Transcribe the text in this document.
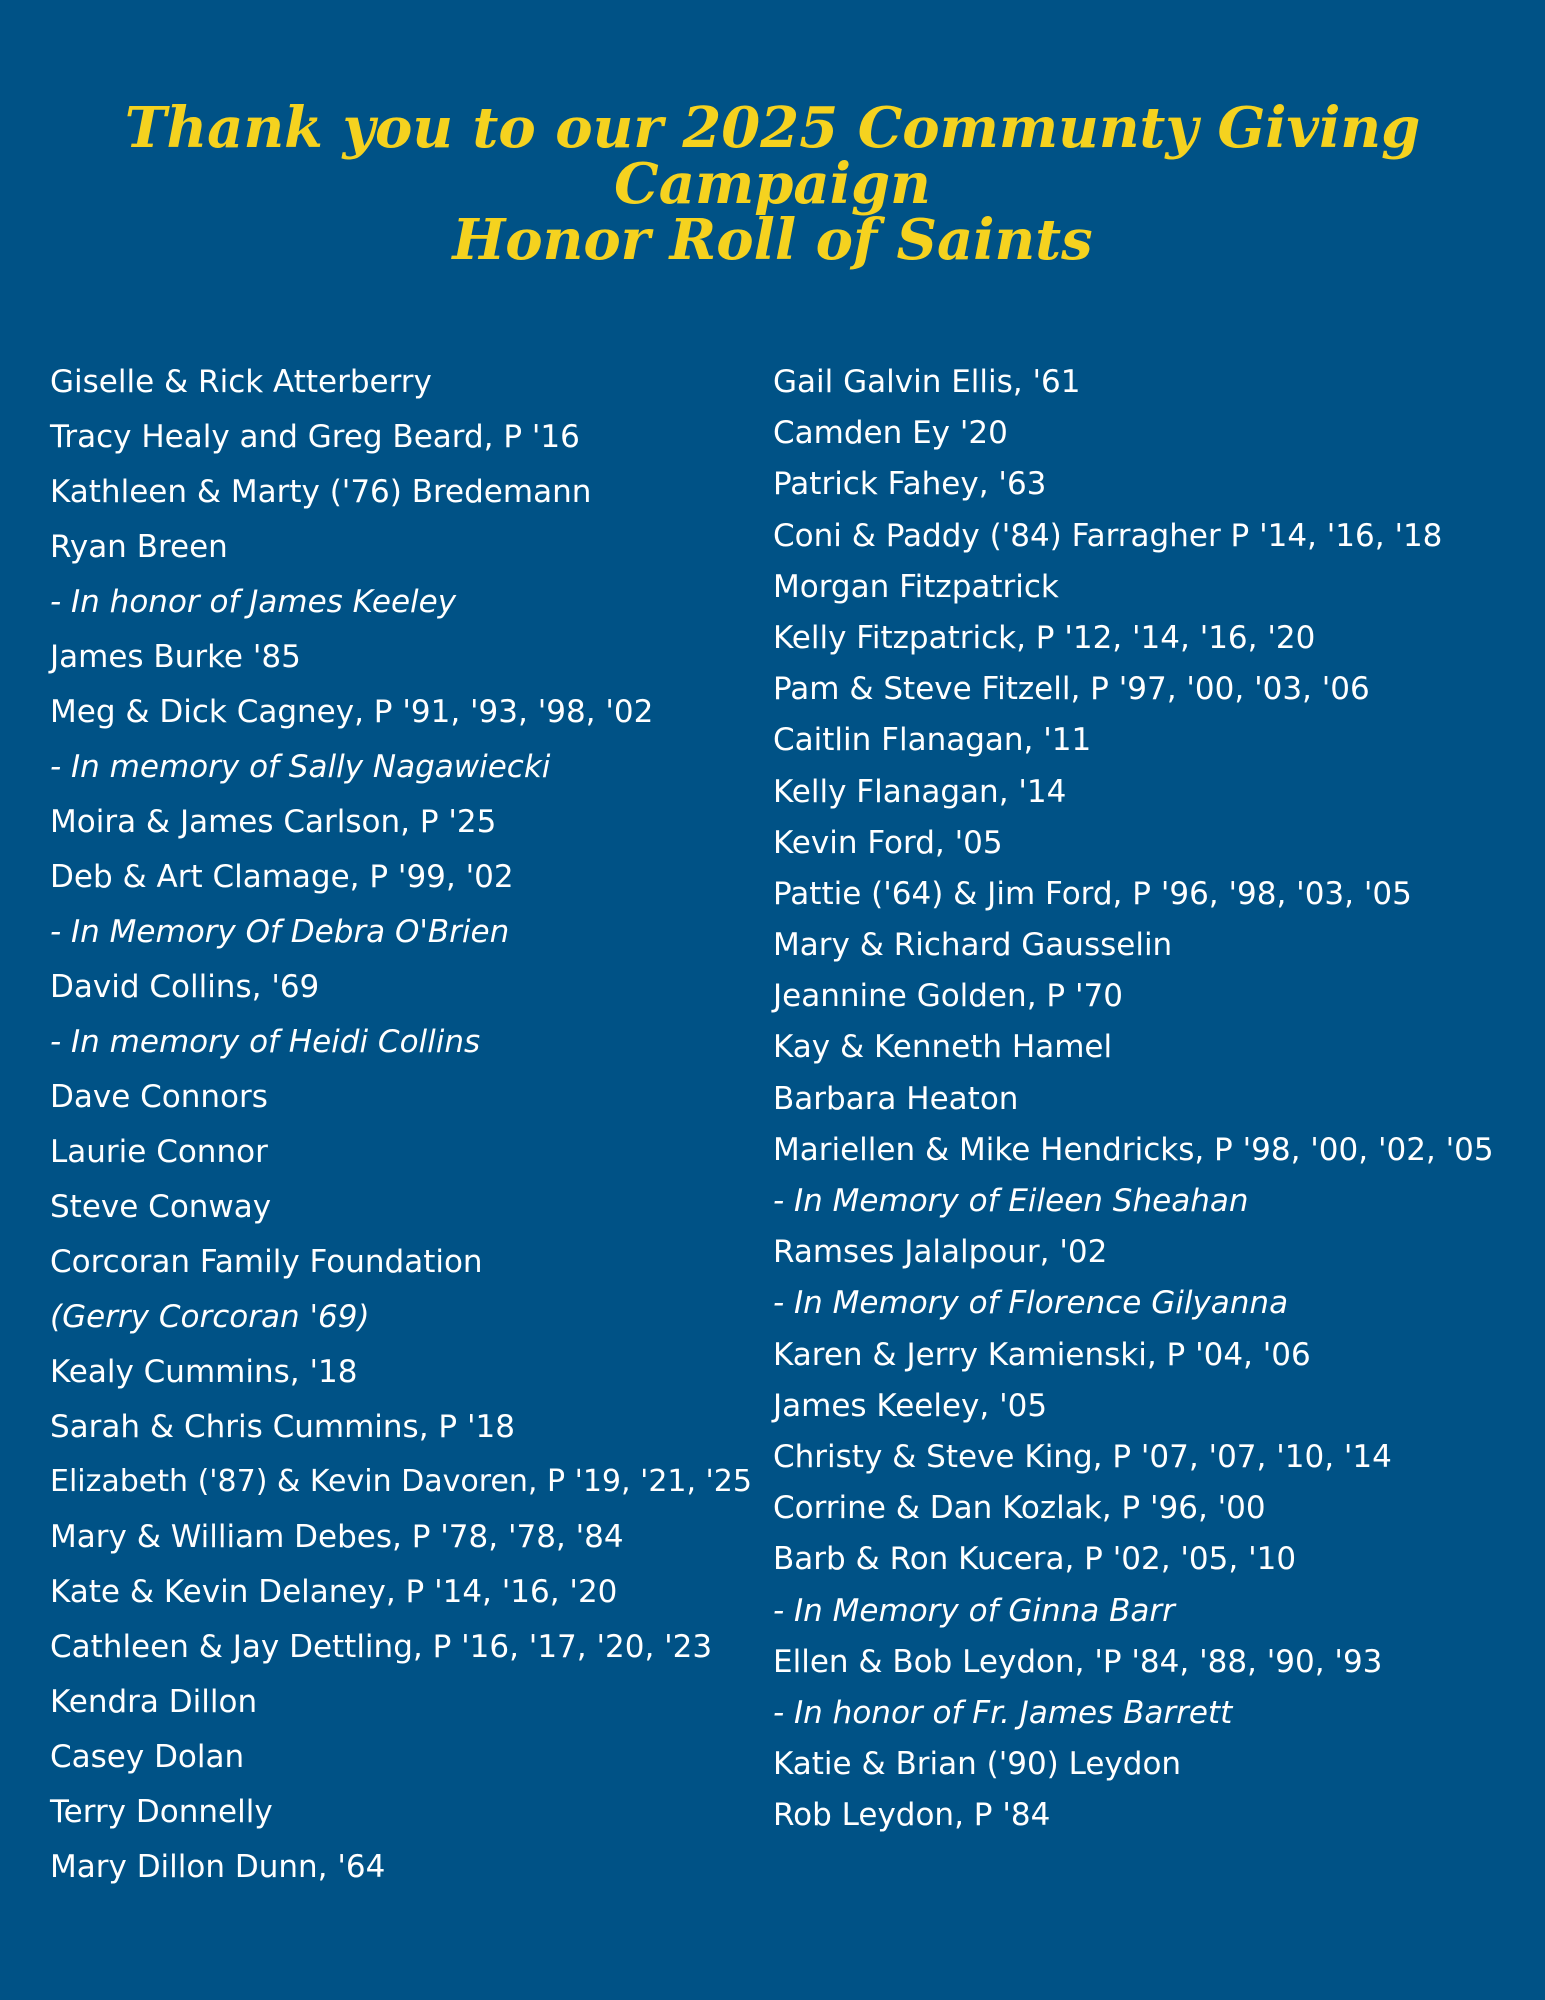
Thank you to our 2025 Communty Giving Campaign
Honor Roll of Saints
Giselle & Rick Atterberry
Tracy Healy and Greg Beard, P '16
Kathleen & Marty ('76) Bredemann
Ryan Breen
- In honor of James Keeley
James Burke '85
Meg & Dick Cagney, P '91, '93, '98, '02
- In memory of Sally Nagawiecki
Moira & James Carlson, P '25
Deb & Art Clamage, P '99, '02
- In Memory Of Debra O'Brien
David Collins, '69
- In memory of Heidi Collins
Dave Connors
Laurie Connor
Steve Conway
Corcoran Family Foundation
(Gerry Corcoran '69)
Kealy Cummins, '18
Sarah & Chris Cummins, P '18
Elizabeth ('87) & Kevin Davoren, P '19, '21, '25
Mary & William Debes, P '78, '78, '84
Kate & Kevin Delaney, P '14, '16, '20
Cathleen & Jay Dettling, P '16, '17, '20, '23
Kendra Dillon
Casey Dolan
Terry Donnelly
Mary Dillon Dunn, '64
Gail Galvin Ellis, '61
Camden Ey '20
Patrick Fahey, '63
Coni & Paddy ('84) Farragher P '14, '16, '18
Morgan Fitzpatrick
Kelly Fitzpatrick, P '12, '14, '16, '20
Pam & Steve Fitzell, P '97, '00, '03, '06
Caitlin Flanagan, '11
Kelly Flanagan, '14
Kevin Ford, '05
Pattie ('64) & Jim Ford, P '96, '98, '03, '05
Mary & Richard Gausselin
Jeannine Golden, P '70
Kay & Kenneth Hamel
Barbara Heaton
Mariellen & Mike Hendricks, P '98, '00, '02, '05
- In Memory of Eileen Sheahan
Ramses Jalalpour, '02
- In Memory of Florence Gilyanna
Karen & Jerry Kamienski, P '04, '06
James Keeley, '05
Christy & Steve King, P '07, '07, '10, '14
Corrine & Dan Kozlak, P '96, '00
Barb & Ron Kucera, P '02, '05, '10
- In Memory of Ginna Barr
Ellen & Bob Leydon, 'P '84, '88, '90, '93
- In honor of Fr. James Barrett
Katie & Brian ('90) Leydon
Rob Leydon, P '84
